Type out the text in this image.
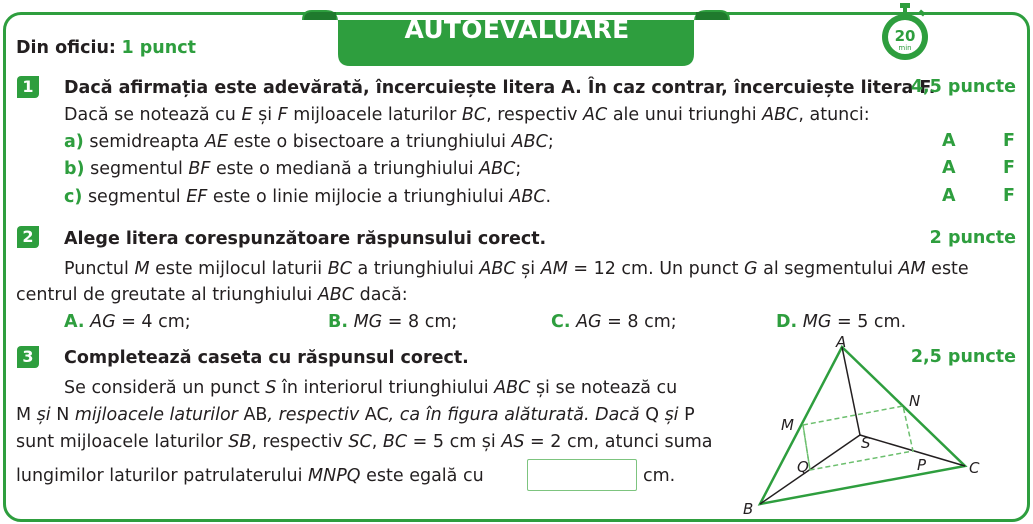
AUTOEVALUARE	20
min
Din oficiu: 1 punct
1	Dacă afirmația este adevărată, încercuiește litera A. În caz contrar, încercuiește litera F.
4,5 puncte
Dacă se notează cu E și F mijloacele laturilor BC, respectiv AC ale unui triunghi ABC, atunci:
a) semidreapta AE este o bisectoare a triunghiului ABC;	A	F
b) segmentul BF este o mediană a triunghiului ABC;	A	F
c) segmentul EF este o linie mijlocie a triunghiului ABC.	A	F
2	Alege litera corespunzătoare răspunsului corect.	2 puncte
Punctul M este mijlocul laturii BC a triunghiului ABC și AM = 12 cm. Un punct G al segmentului AM este
centrul de greutate al triunghiului ABC dacă:
A. AG = 4 cm;	B. MG = 8 cm;	C. AG = 8 cm;	D. MG = 5 cm.
3	Completează caseta cu răspunsul corect.	2,5 puncte
Se consideră un punct S în interiorul triunghiului ABC și se notează cu
M și N mijloacele laturilor AB, respectiv AC, ca în figura alăturată. Dacă Q și P
sunt mijloacele laturilor SB, respectiv SC, BC = 5 cm și AS = 2 cm, atunci suma
lungimilor laturilor patrulaterului MNPQ este egală cu	cm.
A
B
C
M
N
P
Q
S
